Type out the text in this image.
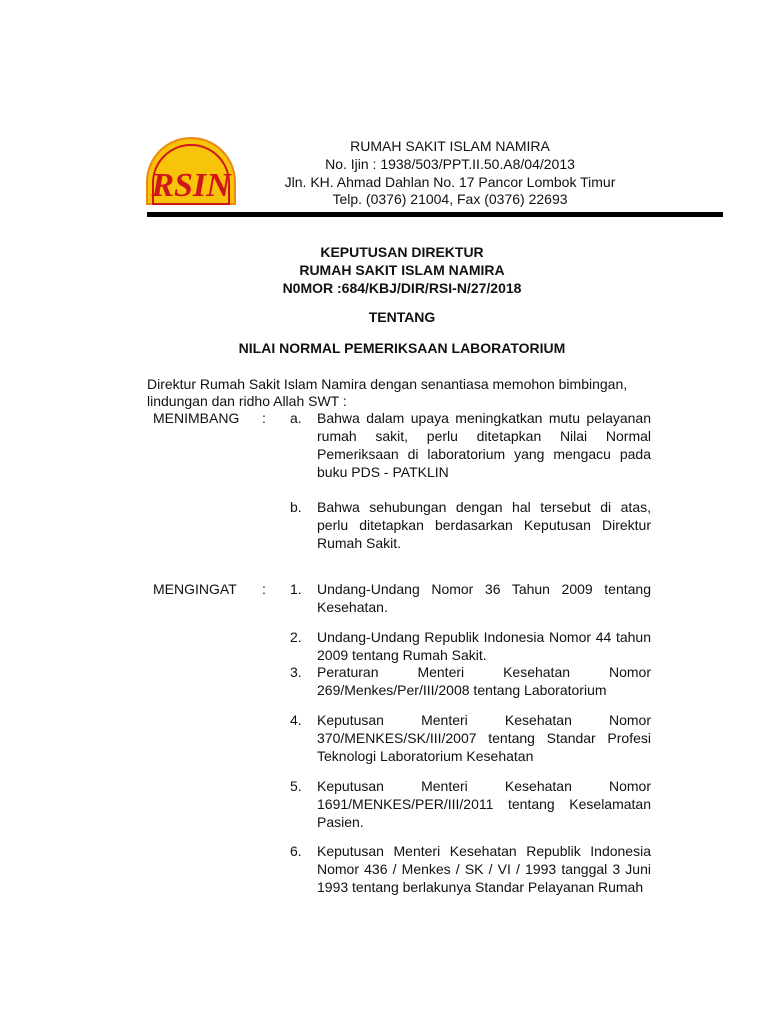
RSIN
RUMAH SAKIT ISLAM NAMIRA
No. Ijin : 1938/503/PPT.II.50.A8/04/2013
Jln. KH. Ahmad Dahlan No. 17 Pancor Lombok Timur
Telp. (0376) 21004, Fax (0376) 22693
KEPUTUSAN DIREKTUR
RUMAH SAKIT ISLAM NAMIRA
N0MOR :684/KBJ/DIR/RSI-N/27/2018
TENTANG
NILAI NORMAL PEMERIKSAAN LABORATORIUM
Direktur Rumah Sakit Islam Namira dengan senantiasa memohon bimbingan,
lindungan dan ridho Allah SWT :
MENIMBANG : a. Bahwa dalam upaya meningkatkan mutu pelayanan rumah sakit, perlu ditetapkan Nilai Normal Pemeriksaan di laboratorium yang mengacu pada buku PDS - PATKLIN
b. Bahwa sehubungan dengan hal tersebut di atas, perlu ditetapkan berdasarkan Keputusan Direktur Rumah Sakit.
MENGINGAT : 1. Undang-Undang Nomor 36 Tahun 2009 tentang Kesehatan.
2. Undang-Undang Republik Indonesia Nomor 44 tahun 2009 tentang Rumah Sakit.
3. Peraturan Menteri Kesehatan Nomor 269/Menkes/Per/III/2008 tentang Laboratorium
4. Keputusan Menteri Kesehatan Nomor 370/MENKES/SK/III/2007 tentang Standar Profesi Teknologi Laboratorium Kesehatan
5. Keputusan Menteri Kesehatan Nomor 1691/MENKES/PER/III/2011 tentang Keselamatan Pasien.
6. Keputusan Menteri Kesehatan Republik Indonesia Nomor 436 / Menkes / SK / VI / 1993 tanggal 3 Juni 1993 tentang berlakunya Standar Pelayanan Rumah
